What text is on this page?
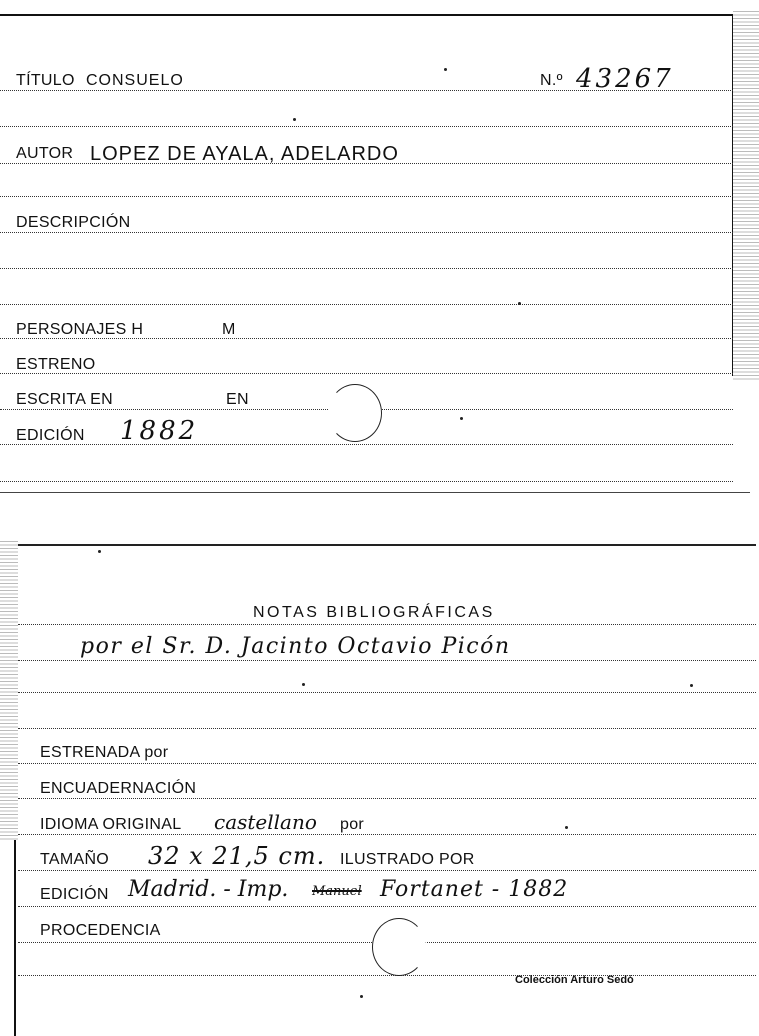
TÍTULO CONSUELO	N.º 43267
AUTOR LOPEZ DE AYALA, ADELARDO
DESCRIPCIÓN
PERSONAJES H	M
ESTRENO
ESCRITA EN	EN
EDICIÓN 1882
NOTAS BIBLIOGRÁFICAS
por el Sr. D. Jacinto Octavio Picón
ESTRENADA por
ENCUADERNACIÓN
IDIOMA ORIGINAL castellano por
TAMAÑO 32 x 21,5 cm. ILUSTRADO POR
EDICIÓN Madrid. - Imp. Manuel Fortanet - 1882
PROCEDENCIA
Colección Arturo Sedó
